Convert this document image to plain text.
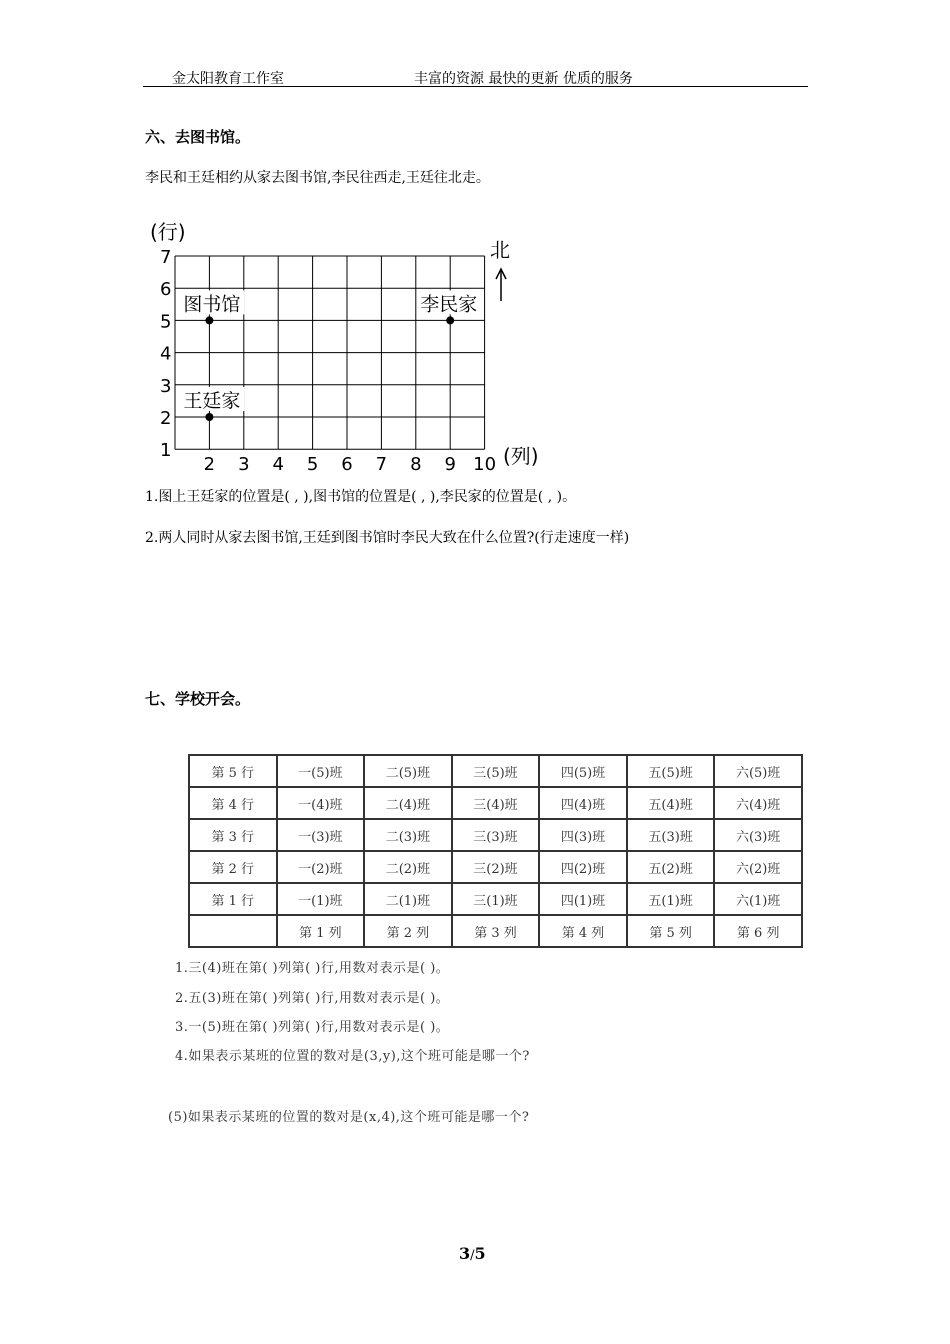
金太阳教育工作室	丰富的资源 最快的更新 优质的服务
六、去图书馆。
李民和王廷相约从家去图书馆,李民往西走,王廷往北走。
(行)
7
6
5
4
3
2
1
2 3 4 5 6 7 8 9 10 (列)
图书馆	李民家
王廷家
北
1.图上王廷家的位置是( , ),图书馆的位置是( , ),李民家的位置是( , )。
2.两人同时从家去图书馆,王廷到图书馆时李民大致在什么位置?(行走速度一样)
七、学校开会。
第 5 行	一(5)班	二(5)班	三(5)班	四(5)班	五(5)班	六(5)班
第 4 行	一(4)班	二(4)班	三(4)班	四(4)班	五(4)班	六(4)班
第 3 行	一(3)班	二(3)班	三(3)班	四(3)班	五(3)班	六(3)班
第 2 行	一(2)班	二(2)班	三(2)班	四(2)班	五(2)班	六(2)班
第 1 行	一(1)班	二(1)班	三(1)班	四(1)班	五(1)班	六(1)班
	第 1 列	第 2 列	第 3 列	第 4 列	第 5 列	第 6 列
1.三(4)班在第( )列第( )行,用数对表示是( )。
2.五(3)班在第( )列第( )行,用数对表示是( )。
3.一(5)班在第( )列第( )行,用数对表示是( )。
4.如果表示某班的位置的数对是(3,y),这个班可能是哪一个?
(5)如果表示某班的位置的数对是(x,4),这个班可能是哪一个?
3/5
